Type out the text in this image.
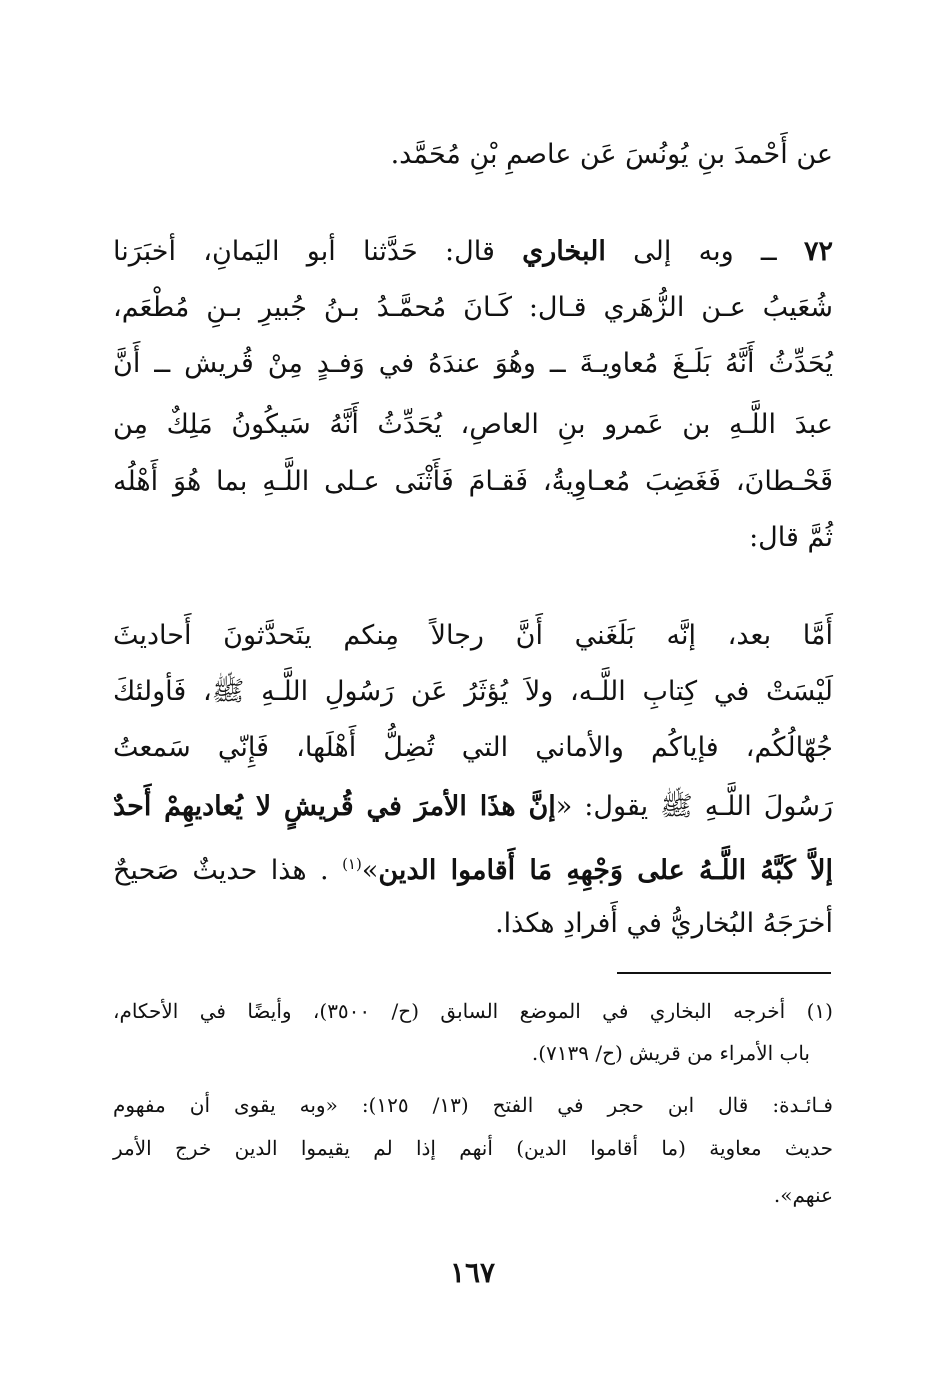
عن أَحْمدَ بنِ يُونُسَ عَن عاصمِ بْنِ مُحَمَّد.
٧٢ ــ وبه إلى البخاري قال: حَدَّثنا أبو اليَمانِ، أخبَرَنا
شُعَيبُ عـن الزُّهَري قـال: كَـانَ مُحمَّـدُ بـنُ جُبيرِ بـنِ مُطْعَم،
يُحَدِّثُ أَنَّهُ بَلَـغَ مُعاويـةَ ــ وهُوَ عندَهُ في وَفـدٍ مِنْ قُريش ــ أَنَّ
عبدَ اللَّـهِ بن عَمرو بنِ العاصِ، يُحَدِّثُ أَنَّهُ سَيكُونُ مَلِكٌ مِن
قَحْـطانَ، فَغَضِبَ مُعـاوِيةُ، فَقـامَ فَأَثْنَى عـلى اللَّـهِ بما هُوَ أَهْلُه
ثُمَّ قال:
أَمَّا بعد، إنَّه بَلَغَني أَنَّ رجالاً مِنكم يتَحدَّثونَ أَحاديثَ
لَيْسَتْ في كِتابِ اللَّـه، ولاَ يُؤثَرُ عَن رَسُولِ اللَّـهِ ﷺ، فَأولئكَ
جُهّالُكُم، فإياكُم والأماني التي تُضِلُّ أَهْلَها، فَإِنّي سَمعتُ
رَسُولَ اللَّـهِ ﷺ يقول: «إنَّ هذَا الأمرَ في قُريشٍ لا يُعاديهِمْ أَحدٌ
إلاَّ كَبَّهُ اللَّـهُ على وَجْهِهِ مَا أَقاموا الدين»$^{(١)}$ . هذا حديثٌ صَحيحٌ
أخرَجَهُ البُخاريُّ في أَفرادِ هكذا.
(١) أخرجه البخاري في الموضع السابق (ح/ ٣٥٠٠)، وأيضًا في الأحكام،
باب الأمراء من قريش (ح/ ٧١٣٩).
فـائـدة: قال ابن حجر في الفتح (١٣/ ١٢٥): «وبه يقوى أن مفهوم
حديث معاوية (ما أقاموا الدين) أنهم إذا لم يقيموا الدين خرج الأمر
عنهم».
١٦٧
